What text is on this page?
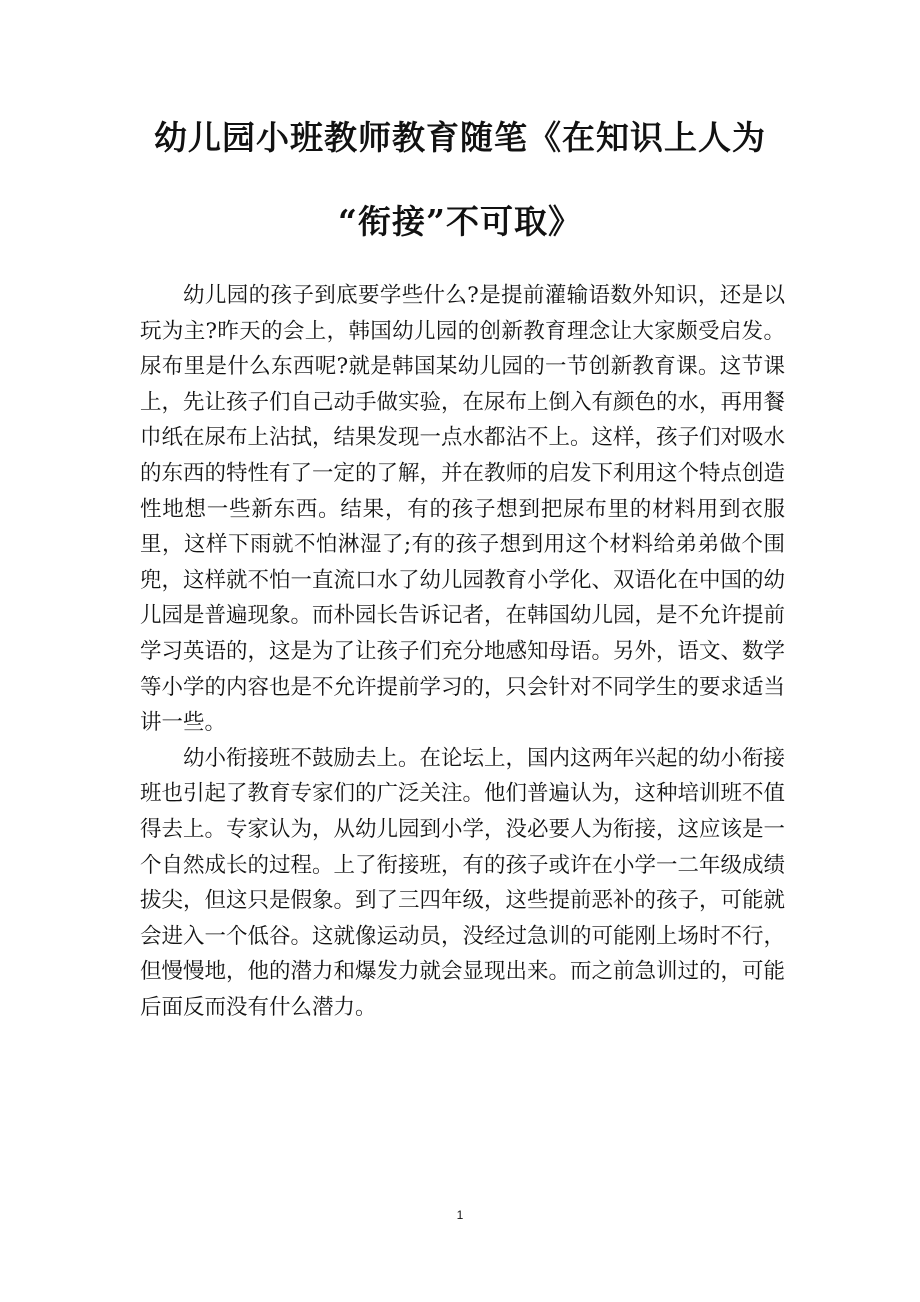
幼儿园小班教师教育随笔《在知识上人为
“衔接”不可取》

幼儿园的孩子到底要学些什么?是提前灌输语数外知识，还是以玩为主?昨天的会上，韩国幼儿园的创新教育理念让大家颇受启发。尿布里是什么东西呢?就是韩国某幼儿园的一节创新教育课。这节课上，先让孩子们自己动手做实验，在尿布上倒入有颜色的水，再用餐巾纸在尿布上沾拭，结果发现一点水都沾不上。这样，孩子们对吸水的东西的特性有了一定的了解，并在教师的启发下利用这个特点创造性地想一些新东西。结果，有的孩子想到把尿布里的材料用到衣服里，这样下雨就不怕淋湿了;有的孩子想到用这个材料给弟弟做个围兜，这样就不怕一直流口水了幼儿园教育小学化、双语化在中国的幼儿园是普遍现象。而朴园长告诉记者，在韩国幼儿园，是不允许提前学习英语的，这是为了让孩子们充分地感知母语。另外，语文、数学等小学的内容也是不允许提前学习的，只会针对不同学生的要求适当讲一些。

幼小衔接班不鼓励去上。在论坛上，国内这两年兴起的幼小衔接班也引起了教育专家们的广泛关注。他们普遍认为，这种培训班不值得去上。专家认为，从幼儿园到小学，没必要人为衔接，这应该是一个自然成长的过程。上了衔接班，有的孩子或许在小学一二年级成绩拔尖，但这只是假象。到了三四年级，这些提前恶补的孩子，可能就会进入一个低谷。这就像运动员，没经过急训的可能刚上场时不行，但慢慢地，他的潜力和爆发力就会显现出来。而之前急训过的，可能后面反而没有什么潜力。

1
